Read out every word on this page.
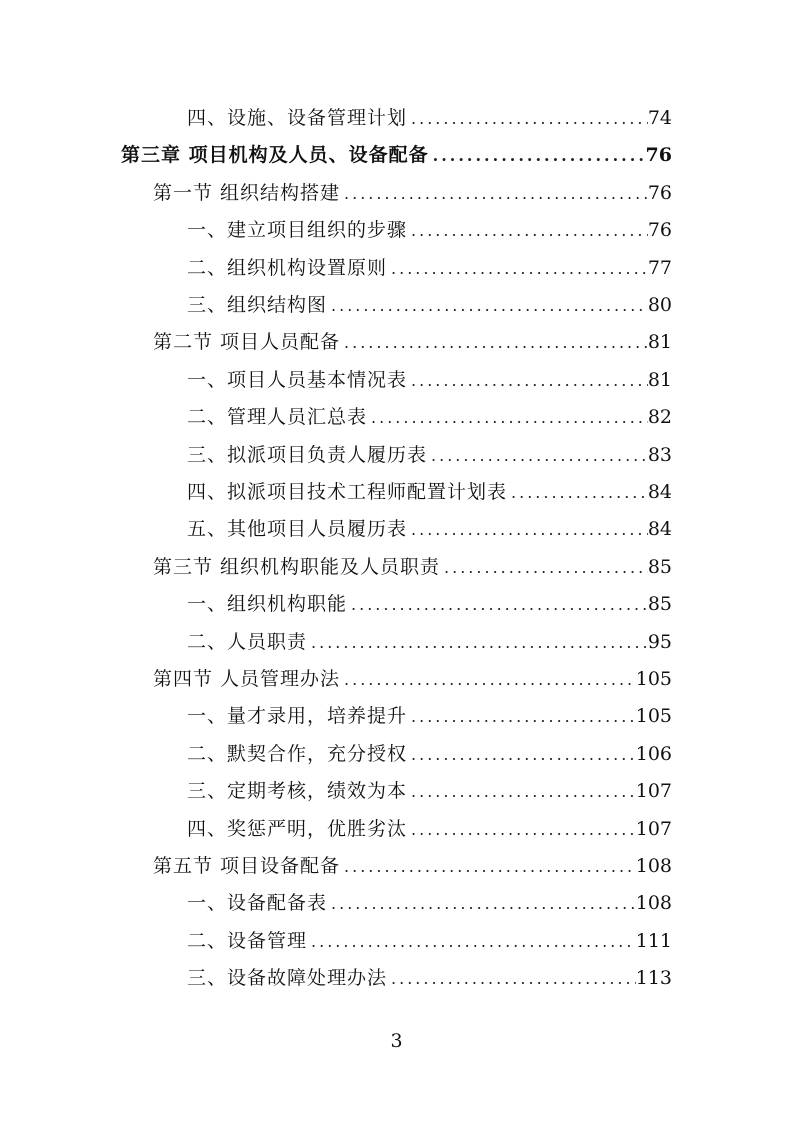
四、设施、设备管理计划 .....	74
第三章 项目机构及人员、设备配备 .....	76
第一节 组织结构搭建 .....	76
一、建立项目组织的步骤 .....	76
二、组织机构设置原则 .....	77
三、组织结构图 .....	80
第二节 项目人员配备 .....	81
一、项目人员基本情况表 .....	81
二、管理人员汇总表 .....	82
三、拟派项目负责人履历表 .....	83
四、拟派项目技术工程师配置计划表 .....	84
五、其他项目人员履历表 .....	84
第三节 组织机构职能及人员职责 .....	85
一、组织机构职能 .....	85
二、人员职责 .....	95
第四节 人员管理办法 .....	105
一、量才录用，培养提升 .....	105
二、默契合作，充分授权 .....	106
三、定期考核，绩效为本 .....	107
四、奖惩严明，优胜劣汰 .....	107
第五节 项目设备配备 .....	108
一、设备配备表 .....	108
二、设备管理 .....	111
三、设备故障处理办法 .....	113
3
